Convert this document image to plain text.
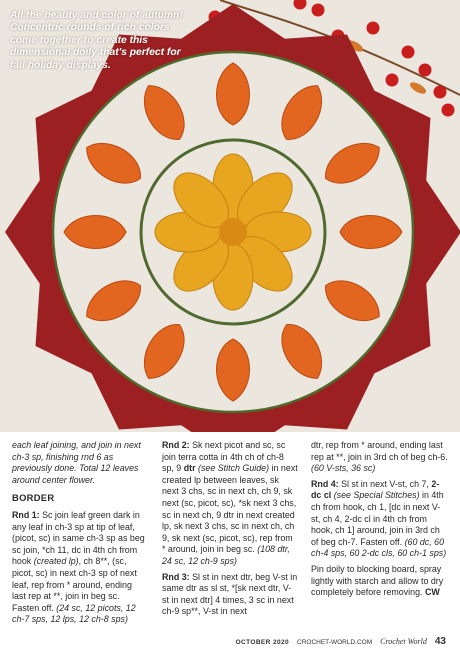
All the beauty and color of autumn! Concentric rounds of rich colors come together to create this dimensional doily that's perfect for fall holiday displays.

each leaf joining, and join in next ch-3 sp, finishing rnd 6 as previously done. Total 12 leaves around center flower.

BORDER

Rnd 1: Sc join leaf green dark in any leaf in ch-3 sp at tip of leaf, (picot, sc) in same ch-3 sp as beg sc join, *ch 11, dc in 4th ch from hook (created lp), ch 8**, (sc, picot, sc) in next ch-3 sp of next leaf, rep from * around, ending last rep at **, join in beg sc. Fasten off. (24 sc, 12 picots, 12 ch-7 sps, 12 lps, 12 ch-8 sps)

Rnd 2: Sk next picot and sc, sc join terra cotta in 4th ch of ch-8 sp, 9 dtr (see Stitch Guide) in next created lp between leaves, sk next 3 chs, sc in next ch, ch 9, sk next (sc, picot, sc), *sk next 3 chs, sc in next ch, 9 dtr in next created lp, sk next 3 chs, sc in next ch, ch 9, sk next (sc, picot, sc), rep from * around, join in beg sc. (108 dtr, 24 sc, 12 ch-9 sps)

Rnd 3: Sl st in next dtr, beg V-st in same dtr as sl st, *[sk next dtr, V-st in next dtr] 4 times, 3 sc in next ch-9 sp**, V-st in next

dtr, rep from * around, ending last rep at **, join in 3rd ch of beg ch-6. (60 V-sts, 36 sc)

Rnd 4: Sl st in next V-st, ch 7, 2-dc cl (see Special Stitches) in 4th ch from hook, ch 1, [dc in next V-st, ch 4, 2-dc cl in 4th ch from hook, ch 1] around, join in 3rd ch of beg ch-7. Fasten off. (60 dc, 60 ch-4 sps, 60 2-dc cls, 60 ch-1 sps)

Pin doily to blocking board, spray lightly with starch and allow to dry completely before removing. CW

OCTOBER 2020 CROCHET-WORLD.COM Crochet World 43
